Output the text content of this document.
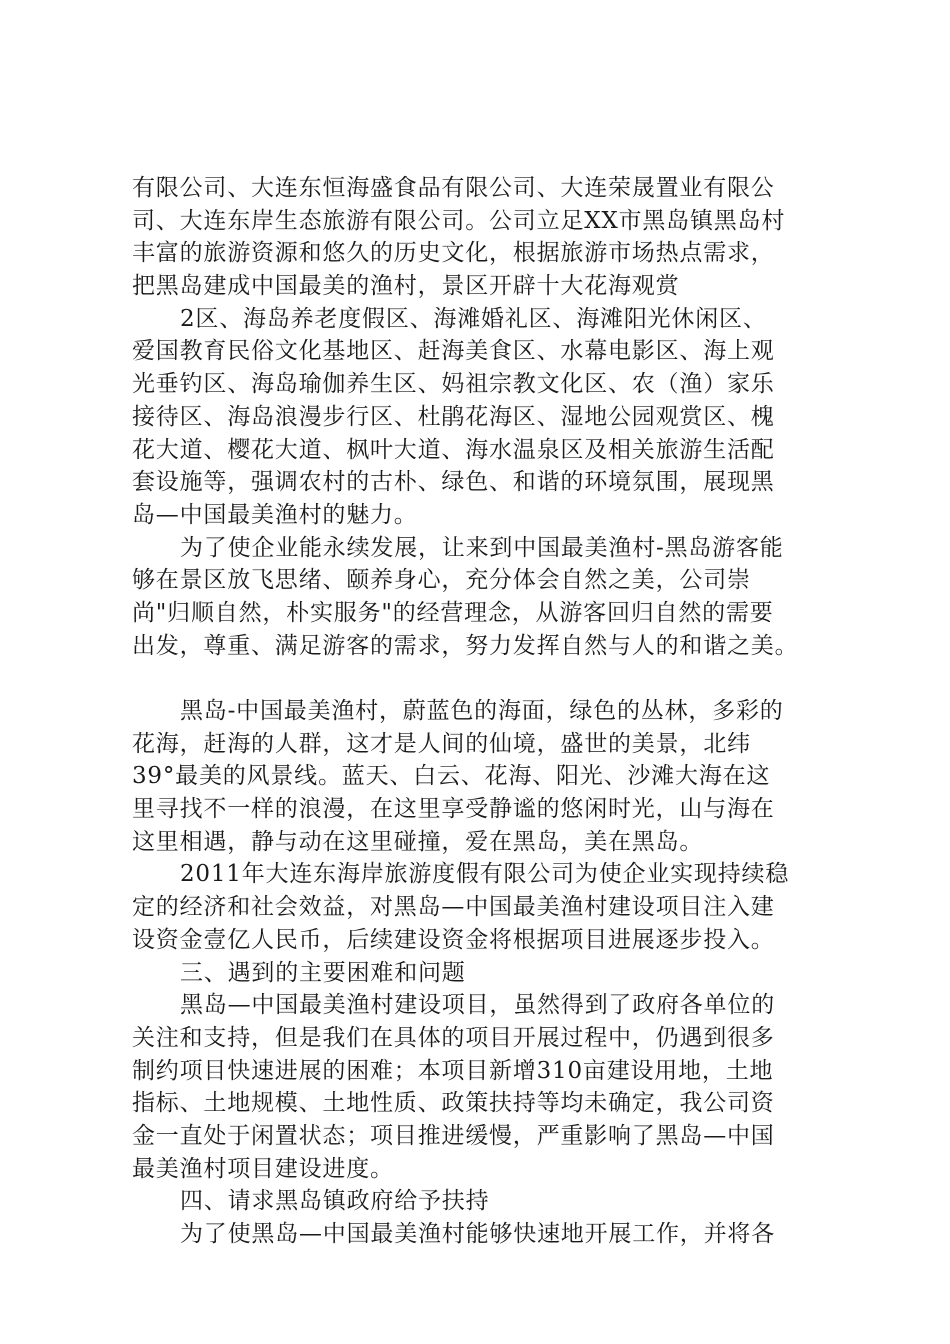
有限公司、大连东恒海盛食品有限公司、大连荣晟置业有限公
司、大连东岸生态旅游有限公司。公司立足XX市黑岛镇黑岛村
丰富的旅游资源和悠久的历史文化，根据旅游市场热点需求，
把黑岛建成中国最美的渔村，景区开辟十大花海观赏
2区、海岛养老度假区、海滩婚礼区、海滩阳光休闲区、
爱国教育民俗文化基地区、赶海美食区、水幕电影区、海上观
光垂钓区、海岛瑜伽养生区、妈祖宗教文化区、农（渔）家乐
接待区、海岛浪漫步行区、杜鹃花海区、湿地公园观赏区、槐
花大道、樱花大道、枫叶大道、海水温泉区及相关旅游生活配
套设施等，强调农村的古朴、绿色、和谐的环境氛围，展现黑
岛—中国最美渔村的魅力。
为了使企业能永续发展，让来到中国最美渔村-黑岛游客能
够在景区放飞思绪、颐养身心，充分体会自然之美，公司崇
尚"归顺自然，朴实服务"的经营理念，从游客回归自然的需要
出发，尊重、满足游客的需求，努力发挥自然与人的和谐之美。
黑岛-中国最美渔村，蔚蓝色的海面，绿色的丛林，多彩的
花海，赶海的人群，这才是人间的仙境，盛世的美景，北纬
39°最美的风景线。蓝天、白云、花海、阳光、沙滩大海在这
里寻找不一样的浪漫，在这里享受静谧的悠闲时光，山与海在
这里相遇，静与动在这里碰撞，爱在黑岛，美在黑岛。
2011年大连东海岸旅游度假有限公司为使企业实现持续稳
定的经济和社会效益，对黑岛—中国最美渔村建设项目注入建
设资金壹亿人民币，后续建设资金将根据项目进展逐步投入。
三、遇到的主要困难和问题
黑岛—中国最美渔村建设项目，虽然得到了政府各单位的
关注和支持，但是我们在具体的项目开展过程中，仍遇到很多
制约项目快速进展的困难；本项目新增310亩建设用地，土地
指标、土地规模、土地性质、政策扶持等均未确定，我公司资
金一直处于闲置状态；项目推进缓慢，严重影响了黑岛—中国
最美渔村项目建设进度。
四、请求黑岛镇政府给予扶持
为了使黑岛—中国最美渔村能够快速地开展工作，并将各
